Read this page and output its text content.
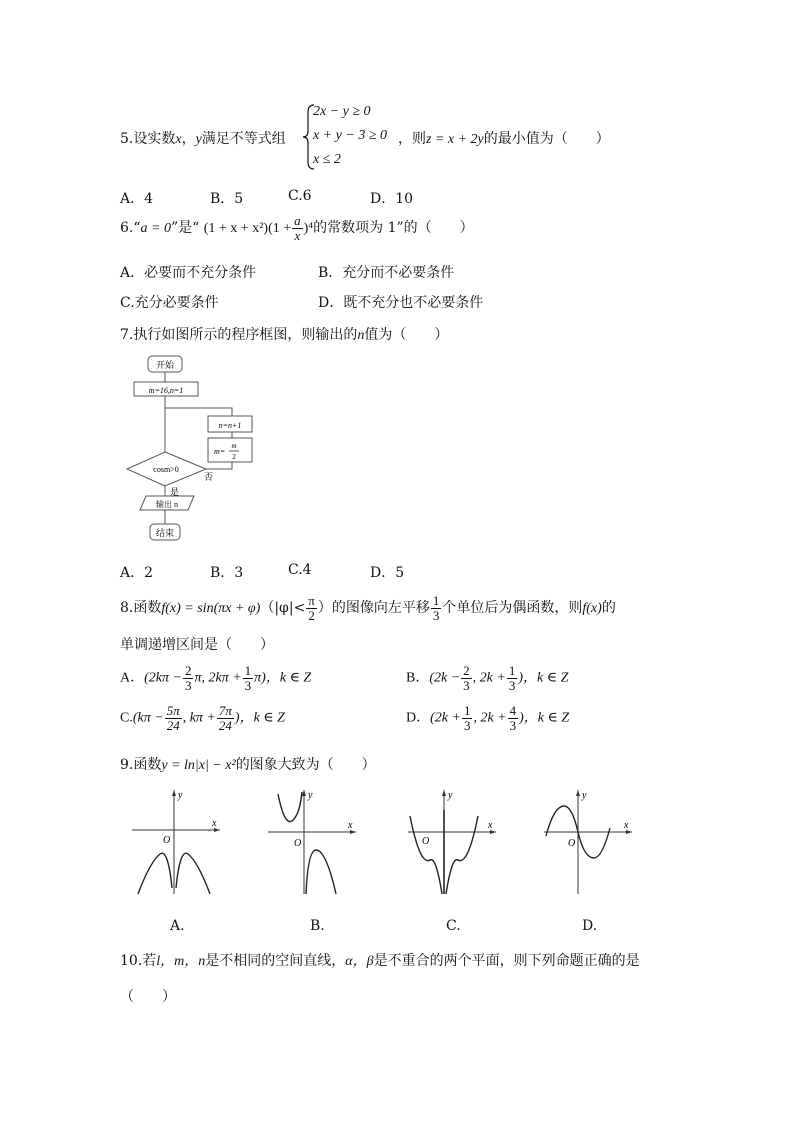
5.设实数x，y满足不等式组
2x − y ≥ 0
x + y − 3 ≥ 0
x ≤ 2
，则z = x + 2y的最小值为（　　）
A．4	B．5	C.6	D．10
6.“a = 0”是“ $(1 + x + x^2)(1 + \frac{a}{x} )^4$的常数项为 1”的（　　）
A．必要而不充分条件	B．充分而不必要条件
C.充分必要条件	D．既不充分也不必要条件
7.执行如图所示的程序框图，则输出的n值为（　　）
开始
m=16,n=1
n=n+1
m=
m
2
cosm>0
否
是
输出 n
结束
A．2	B．3	C.4	D．5
8.函数$f(x) = \sin(\pi x + \varphi)(|\varphi|< \frac{\pi}{2}$ ）的图像向左平移 $\frac{1}{3}$ 个单位后为偶函数，则f(x)的
单调递增区间是（　　）
A．($2k\pi - \frac{2}{3} \pi$, $2k\pi + \frac{1}{3} \pi$)，k ∈ Z	B．($2k - \frac{2}{3}$ , $2k + \frac{1}{3}$ )，k ∈ Z
$C.(k\pi - \frac{5\pi}{24}$ , $k\pi + \frac{7\pi}{24}$ )，k ∈ Z	D．($2k + \frac{1}{3}$ , $2k + \frac{4}{3}$ )，k ∈ Z
9.函数y = ln|x| − x²的图象大致为（　　）
x
y
O
x
y
O
x
y
O
x
y
O
A.	B.	C.	D.
10.若l，m，n是不相同的空间直线，α，β是不重合的两个平面，则下列命题正确的是
（　　）
